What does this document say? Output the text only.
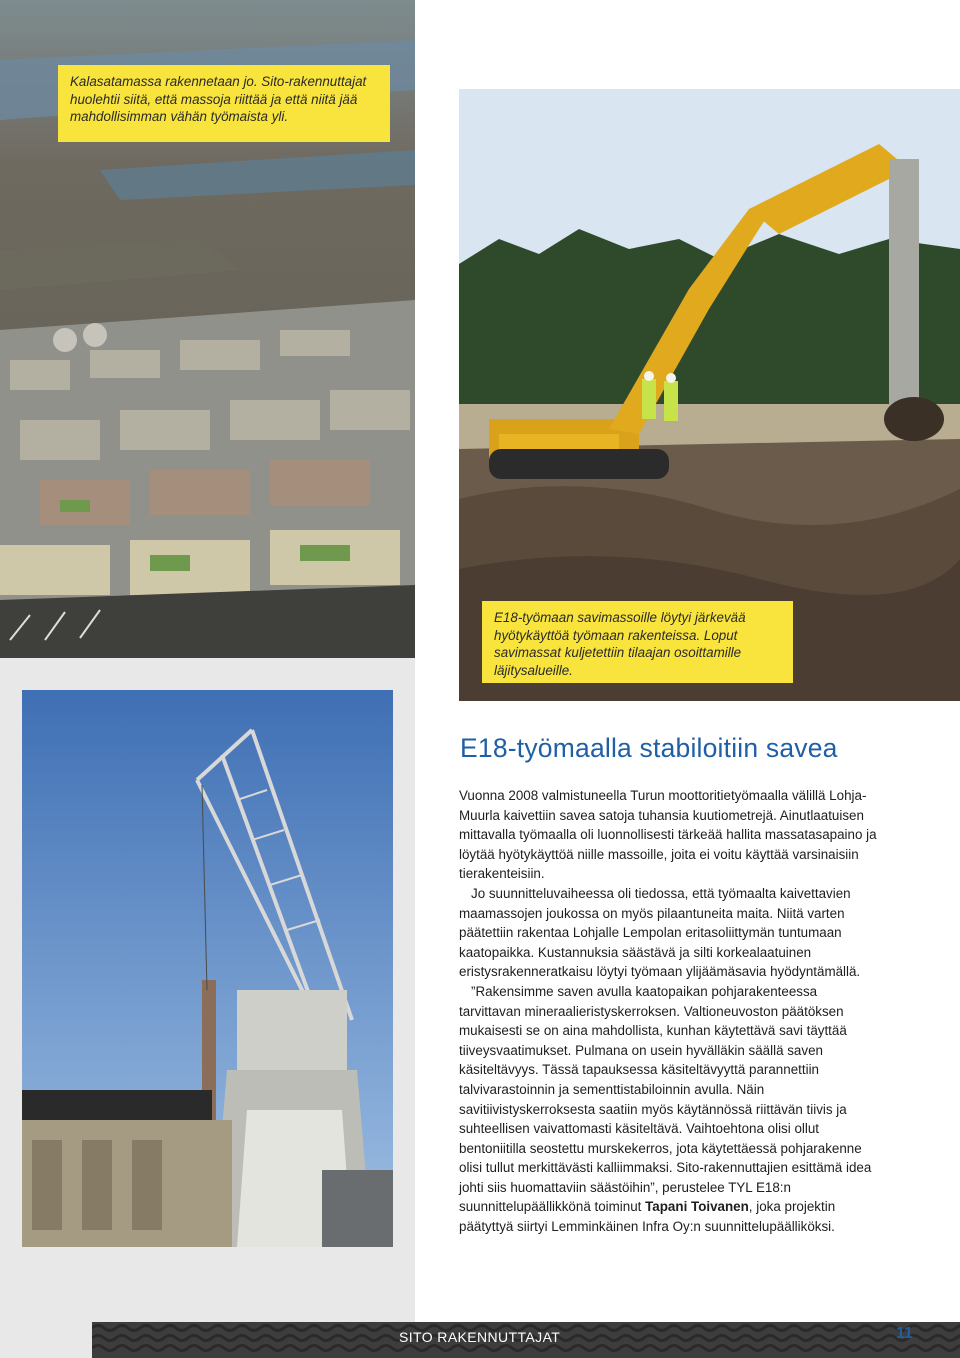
Kalasatamassa rakennetaan jo. Sito-rakennuttajat huolehtii siitä, että massoja riittää ja että niitä jää mahdollisimman vähän työmaista yli.

E18-työmaan savimassoille löytyi järkevää hyötykäyttöä työmaan rakenteissa. Loput savimassat kuljetettiin tilaajan osoittamille läjitysalueille.

E18-työmaalla stabiloitiin savea

Vuonna 2008 valmistuneella Turun moottoritietyömaalla välillä Lohja-Muurla kaivettiin savea satoja tuhansia kuutiometrejä. Ainutlaatuisen mittavalla työmaalla oli luonnollisesti tärkeää hallita massatasapaino ja löytää hyötykäyttöä niille massoille, joita ei voitu käyttää varsinaisiin tierakenteisiin.

Jo suunnitteluvaiheessa oli tiedossa, että työmaalta kaivettavien maamassojen joukossa on myös pilaantuneita maita. Niitä varten päätettiin rakentaa Lohjalle Lempolan eritasoliittymän tuntumaan kaatopaikka. Kustannuksia säästävä ja silti korkealaatuinen eristysrakenneratkaisu löytyi työmaan ylijäämäsavia hyödyntämällä.

”Rakensimme saven avulla kaatopaikan pohjarakenteessa tarvittavan mineraalieristyskerroksen. Valtioneuvoston päätöksen mukaisesti se on aina mahdollista, kunhan käytettävä savi täyttää tiiveysvaatimukset. Pulmana on usein hyvälläkin säällä saven käsiteltävyys. Tässä tapauksessa käsiteltävyyttä parannettiin talvivarastoinnin ja sementtistabiloinnin avulla. Näin savitiivistyskerroksesta saatiin myös käytännössä riittävän tiivis ja suhteellisen vaivattomasti käsiteltävä. Vaihtoehtona olisi ollut bentoniitilla seostettu murskekerros, jota käytettäessä pohjarakenne olisi tullut merkittävästi kalliimmaksi. Sito-rakennuttajien esittämä idea johti siis huomattaviin säästöihin”, perustelee TYL E18:n suunnittelupäällikkönä toiminut Tapani Toivanen, joka projektin päätyttyä siirtyi Lemminkäinen Infra Oy:n suunnittelupäälliköksi.

SITO RAKENNUTTAJAT	11
